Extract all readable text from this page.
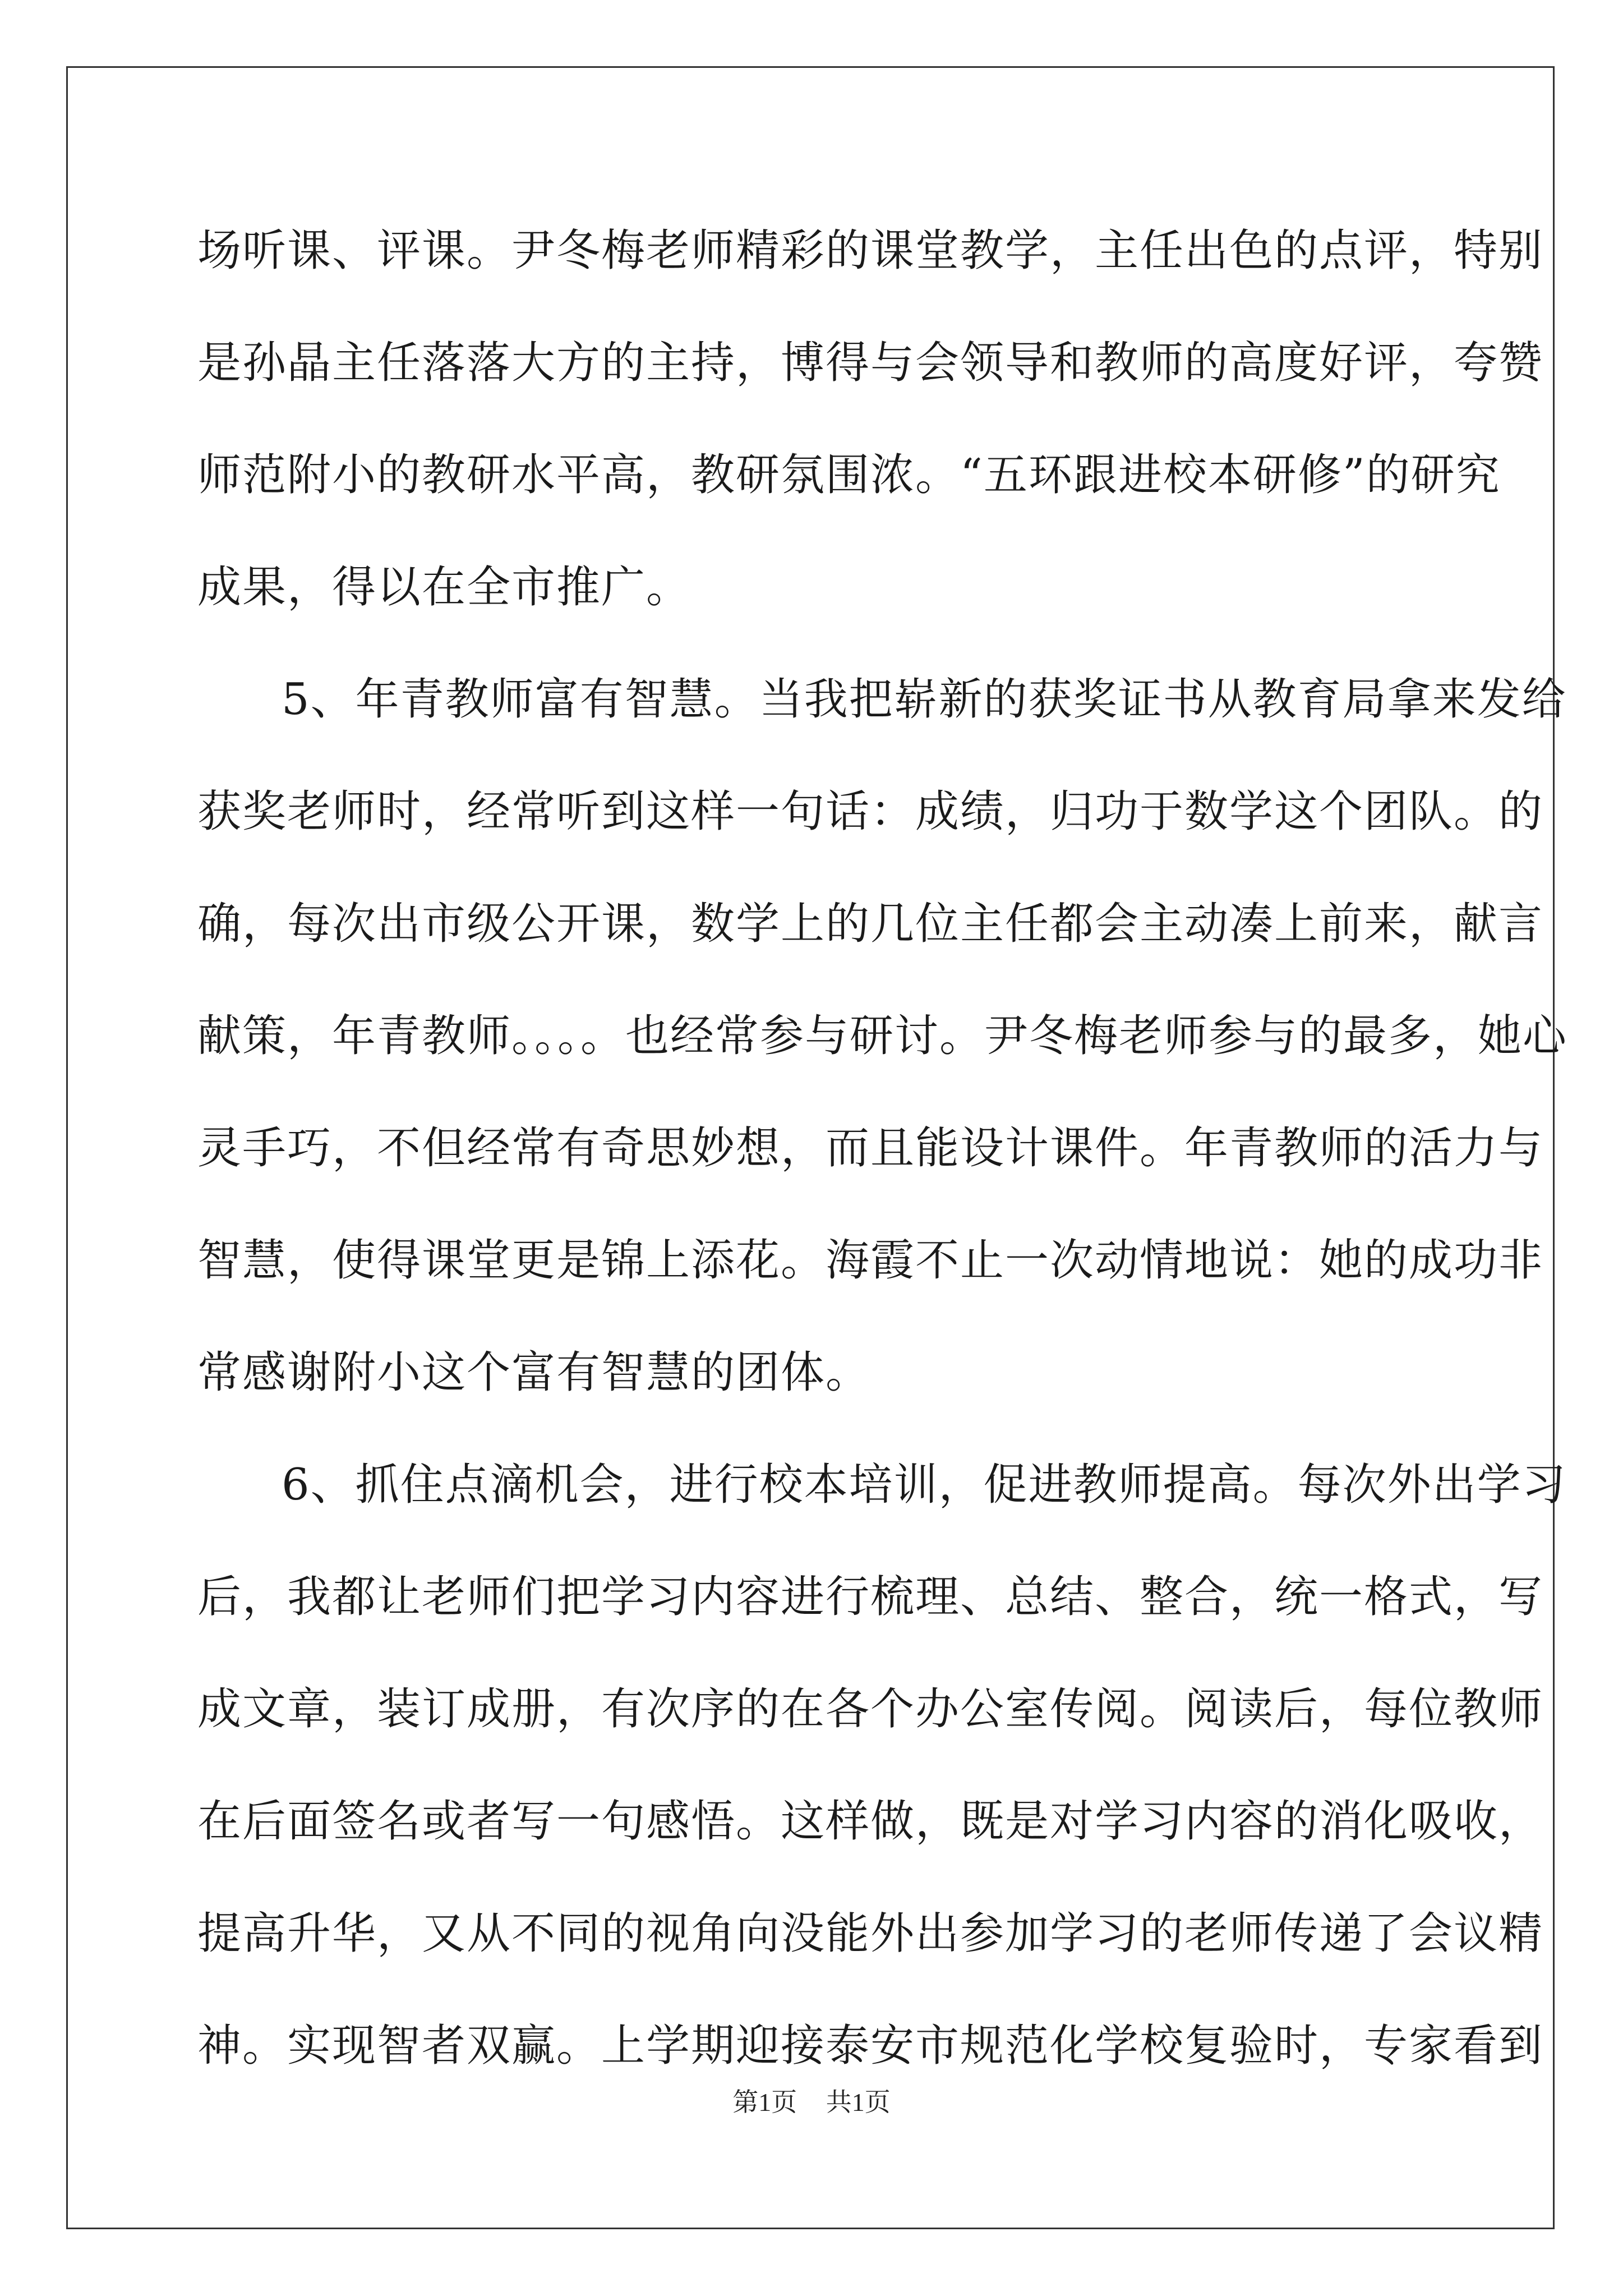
场听课、评课。尹冬梅老师精彩的课堂教学，主任出色的点评，特别
是孙晶主任落落大方的主持，博得与会领导和教师的高度好评，夸赞
师范附小的教研水平高，教研氛围浓。“五环跟进校本研修”的研究
成果，得以在全市推广。
5、年青教师富有智慧。当我把崭新的获奖证书从教育局拿来发给
获奖老师时，经常听到这样一句话：成绩，归功于数学这个团队。的
确，每次出市级公开课，数学上的几位主任都会主动凑上前来，献言
献策，年青教师。。。。也经常参与研讨。尹冬梅老师参与的最多，她心
灵手巧，不但经常有奇思妙想，而且能设计课件。年青教师的活力与
智慧，使得课堂更是锦上添花。海霞不止一次动情地说：她的成功非
常感谢附小这个富有智慧的团体。
6、抓住点滴机会，进行校本培训，促进教师提高。每次外出学习
后，我都让老师们把学习内容进行梳理、总结、整合，统一格式，写
成文章，装订成册，有次序的在各个办公室传阅。阅读后，每位教师
在后面签名或者写一句感悟。这样做，既是对学习内容的消化吸收，
提高升华，又从不同的视角向没能外出参加学习的老师传递了会议精
神。实现智者双赢。上学期迎接泰安市规范化学校复验时，专家看到
第1页 共1页
